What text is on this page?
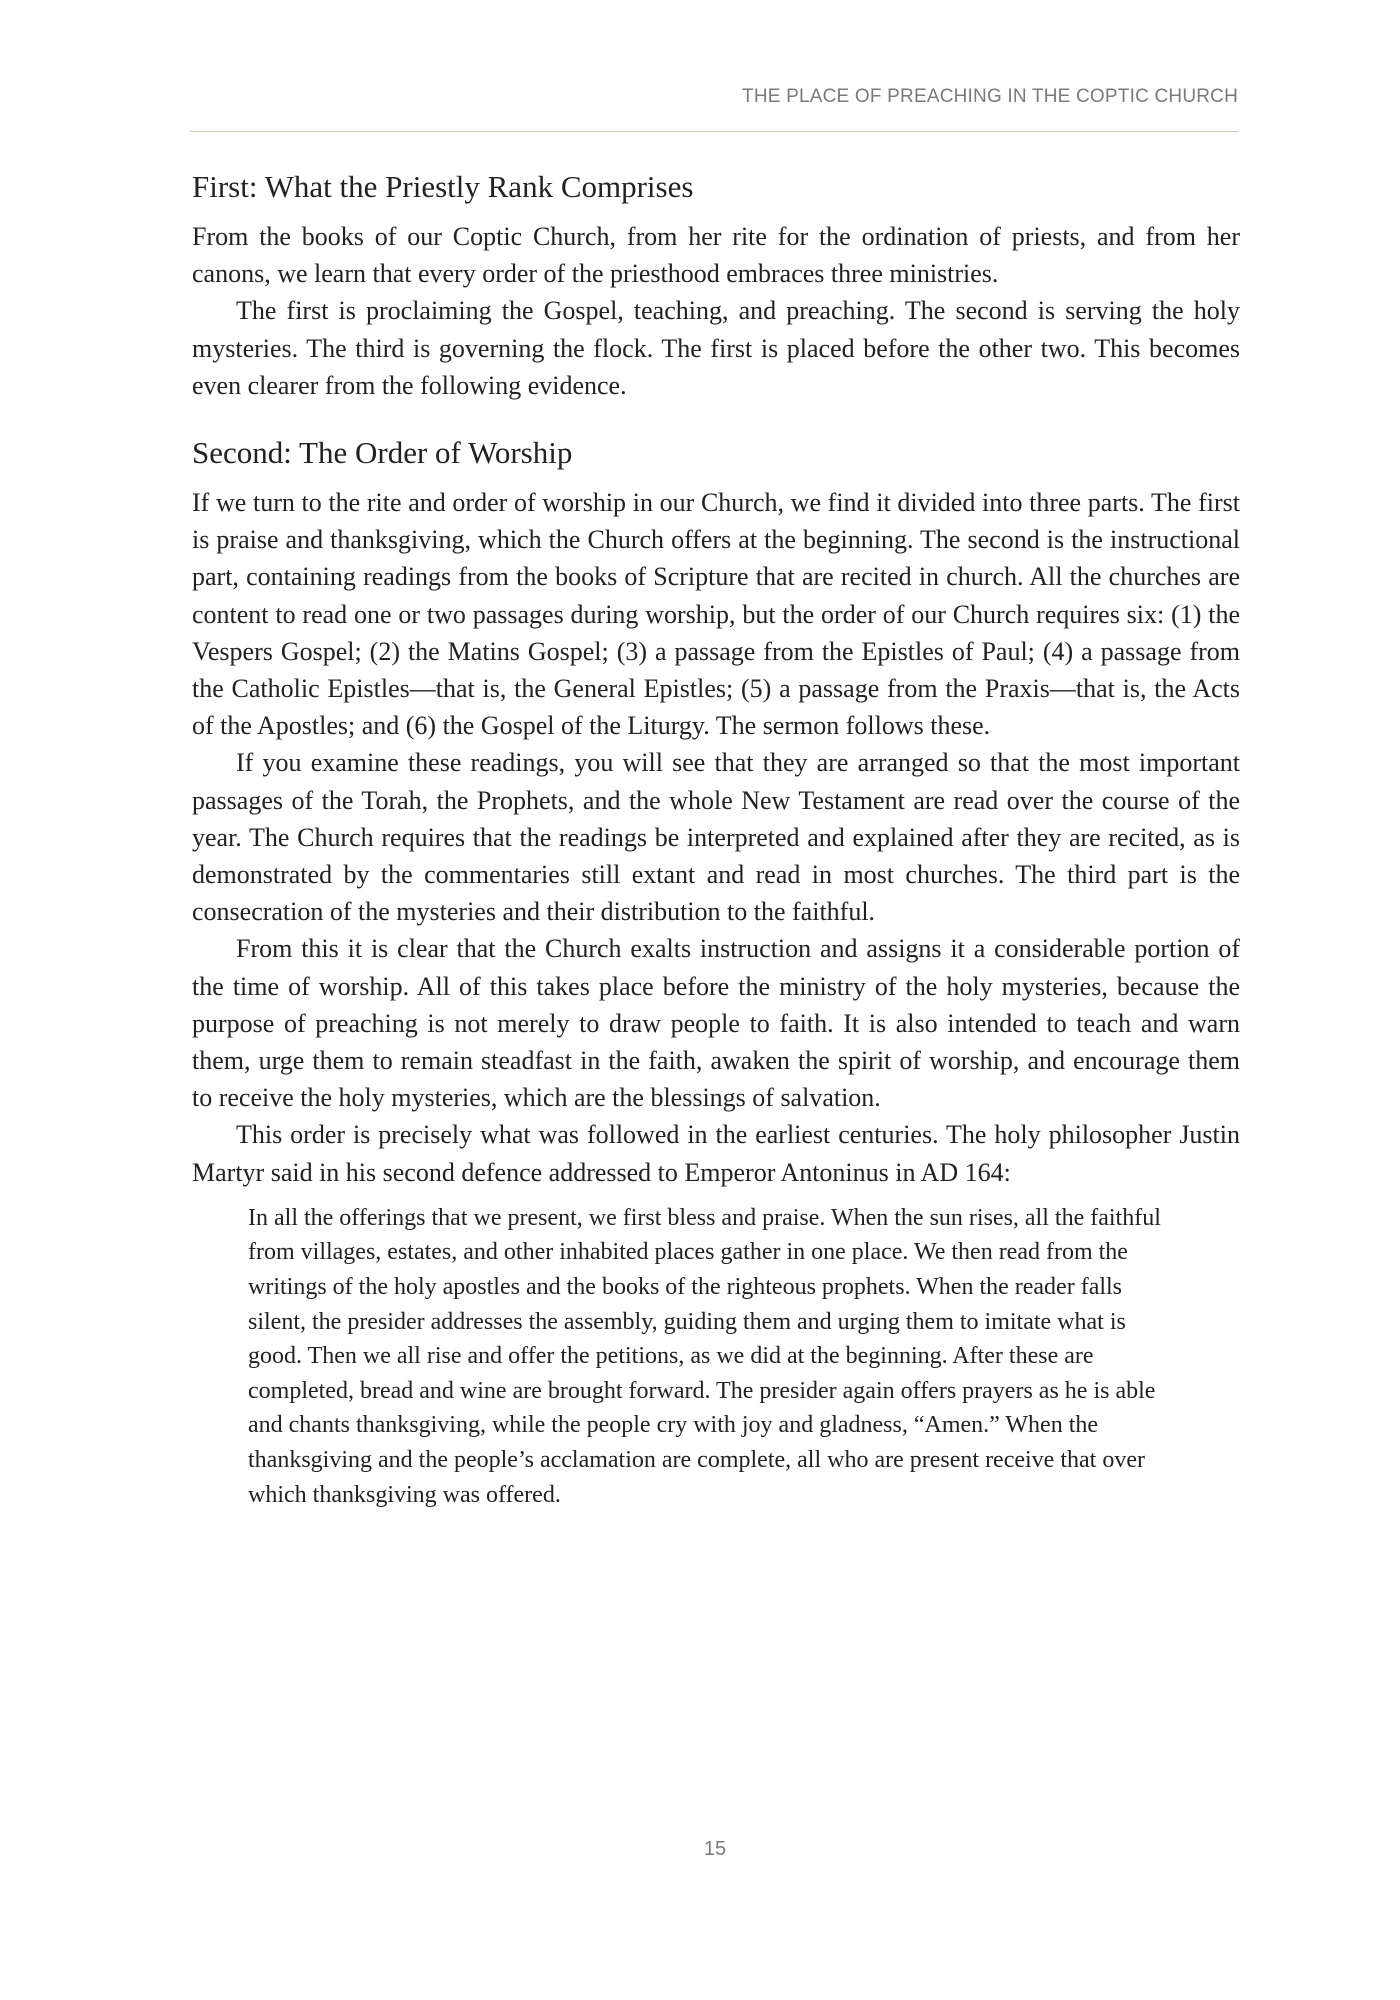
THE PLACE OF PREACHING IN THE COPTIC CHURCH
First: What the Priestly Rank Comprises

From the books of our Coptic Church, from her rite for the ordination of priests, and from her canons, we learn that every order of the priesthood embraces three ministries.

The first is proclaiming the Gospel, teaching, and preaching. The second is serving the holy mysteries. The third is governing the flock. The first is placed before the other two. This becomes even clearer from the following evidence.

Second: The Order of Worship

If we turn to the rite and order of worship in our Church, we find it divided into three parts. The first is praise and thanksgiving, which the Church offers at the beginning. The second is the instructional part, containing readings from the books of Scripture that are recited in church. All the churches are content to read one or two passages during worship, but the order of our Church requires six: (1) the Vespers Gospel; (2) the Matins Gospel; (3) a passage from the Epistles of Paul; (4) a passage from the Catholic Epistles—that is, the General Epistles; (5) a passage from the Praxis—that is, the Acts of the Apostles; and (6) the Gospel of the Liturgy. The sermon follows these.

If you examine these readings, you will see that they are arranged so that the most important passages of the Torah, the Prophets, and the whole New Testament are read over the course of the year. The Church requires that the readings be interpreted and explained after they are recited, as is demonstrated by the commentaries still extant and read in most churches. The third part is the consecration of the mysteries and their distribution to the faithful.

From this it is clear that the Church exalts instruction and assigns it a considerable portion of the time of worship. All of this takes place before the ministry of the holy mysteries, because the purpose of preaching is not merely to draw people to faith. It is also intended to teach and warn them, urge them to remain steadfast in the faith, awaken the spirit of worship, and encourage them to receive the holy mysteries, which are the blessings of salvation.

This order is precisely what was followed in the earliest centuries. The holy philosopher Justin Martyr said in his second defence addressed to Emperor Antoninus in AD 164:

In all the offerings that we present, we first bless and praise. When the sun rises, all the faithful from villages, estates, and other inhabited places gather in one place. We then read from the writings of the holy apostles and the books of the righteous prophets. When the reader falls silent, the presider addresses the assembly, guiding them and urging them to imitate what is good. Then we all rise and offer the petitions, as we did at the beginning. After these are completed, bread and wine are brought forward. The presider again offers prayers as he is able and chants thanksgiving, while the people cry with joy and gladness, “Amen.” When the thanksgiving and the people’s acclamation are complete, all who are present receive that over which thanksgiving was offered.
15
